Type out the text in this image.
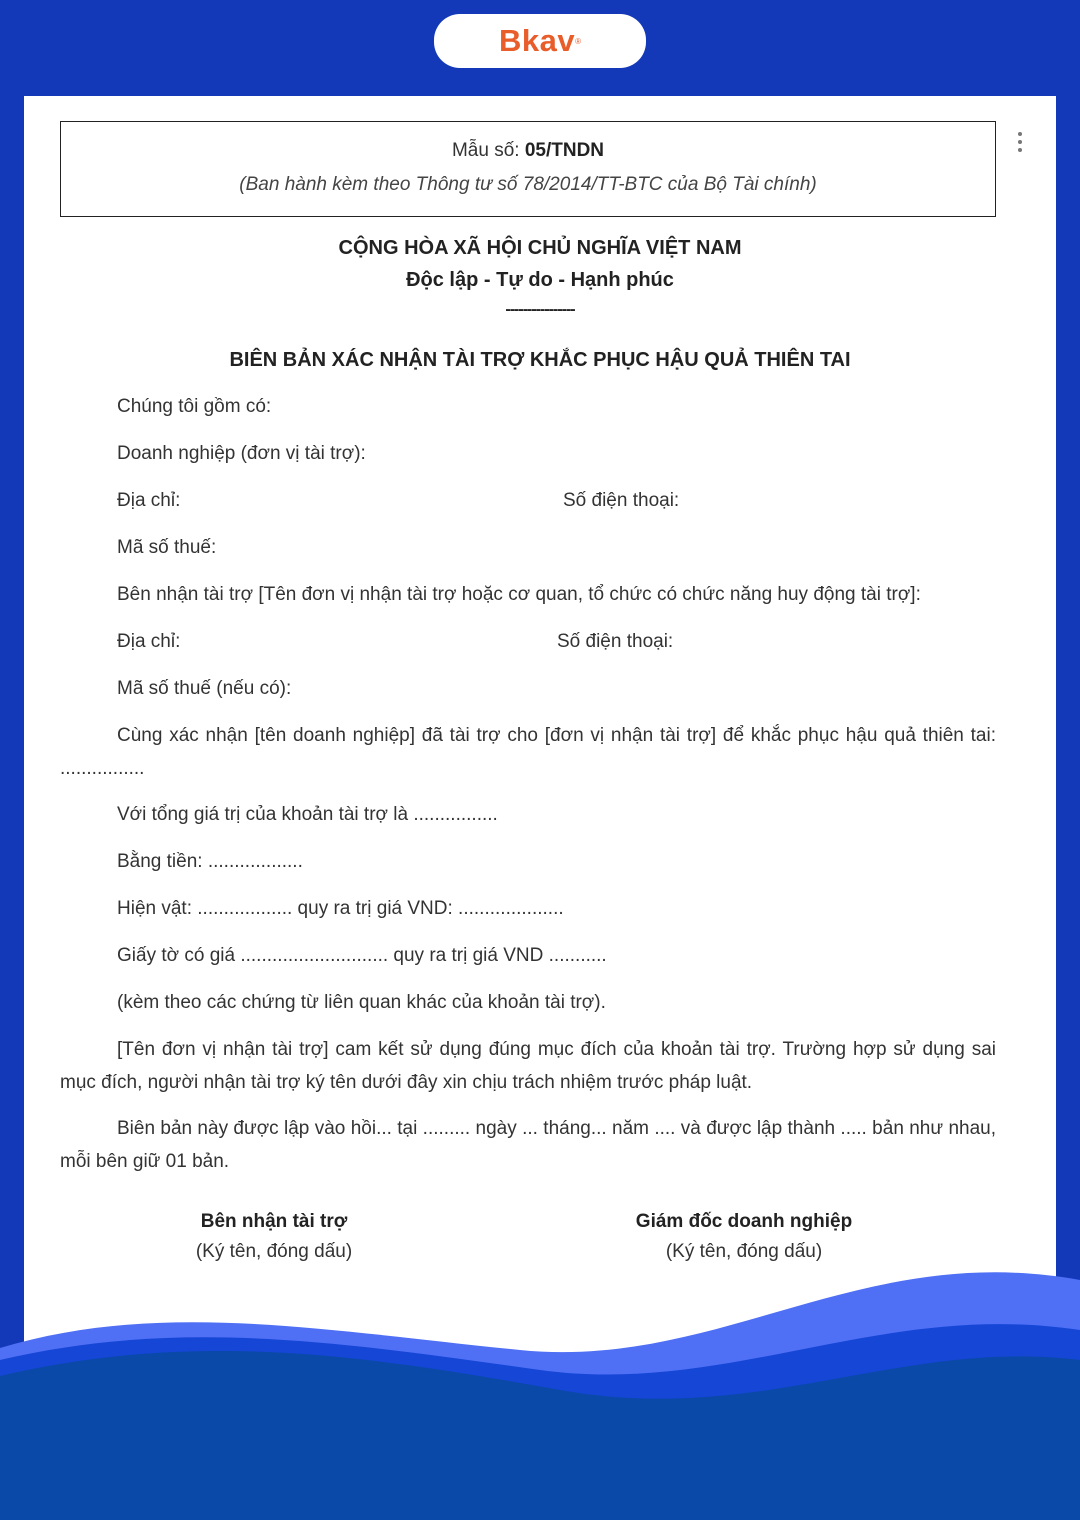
Bkav ®
Mẫu số: 05/TNDN
(Ban hành kèm theo Thông tư số 78/2014/TT-BTC của Bộ Tài chính)
CỘNG HÒA XÃ HỘI CHỦ NGHĨA VIỆT NAM
Độc lập - Tự do - Hạnh phúc
----------------
BIÊN BẢN XÁC NHẬN TÀI TRỢ KHẮC PHỤC HẬU QUẢ THIÊN TAI
Chúng tôi gồm có:
Doanh nghiệp (đơn vị tài trợ):
Địa chỉ:	Số điện thoại:
Mã số thuế:
Bên nhận tài trợ [Tên đơn vị nhận tài trợ hoặc cơ quan, tổ chức có chức năng huy động tài trợ]:
Địa chỉ:	Số điện thoại:
Mã số thuế (nếu có):
Cùng xác nhận [tên doanh nghiệp] đã tài trợ cho [đơn vị nhận tài trợ] để khắc phục hậu quả thiên tai: ................
Với tổng giá trị của khoản tài trợ là ................
Bằng tiền: ..................
Hiện vật: .................. quy ra trị giá VND: ....................
Giấy tờ có giá ............................ quy ra trị giá VND ...........
(kèm theo các chứng từ liên quan khác của khoản tài trợ).
[Tên đơn vị nhận tài trợ] cam kết sử dụng đúng mục đích của khoản tài trợ. Trường hợp sử dụng sai mục đích, người nhận tài trợ ký tên dưới đây xin chịu trách nhiệm trước pháp luật.
Biên bản này được lập vào hồi... tại ......... ngày ... tháng... năm .... và được lập thành ..... bản như nhau, mỗi bên giữ 01 bản.
Bên nhận tài trợ
(Ký tên, đóng dấu)
Giám đốc doanh nghiệp
(Ký tên, đóng dấu)
